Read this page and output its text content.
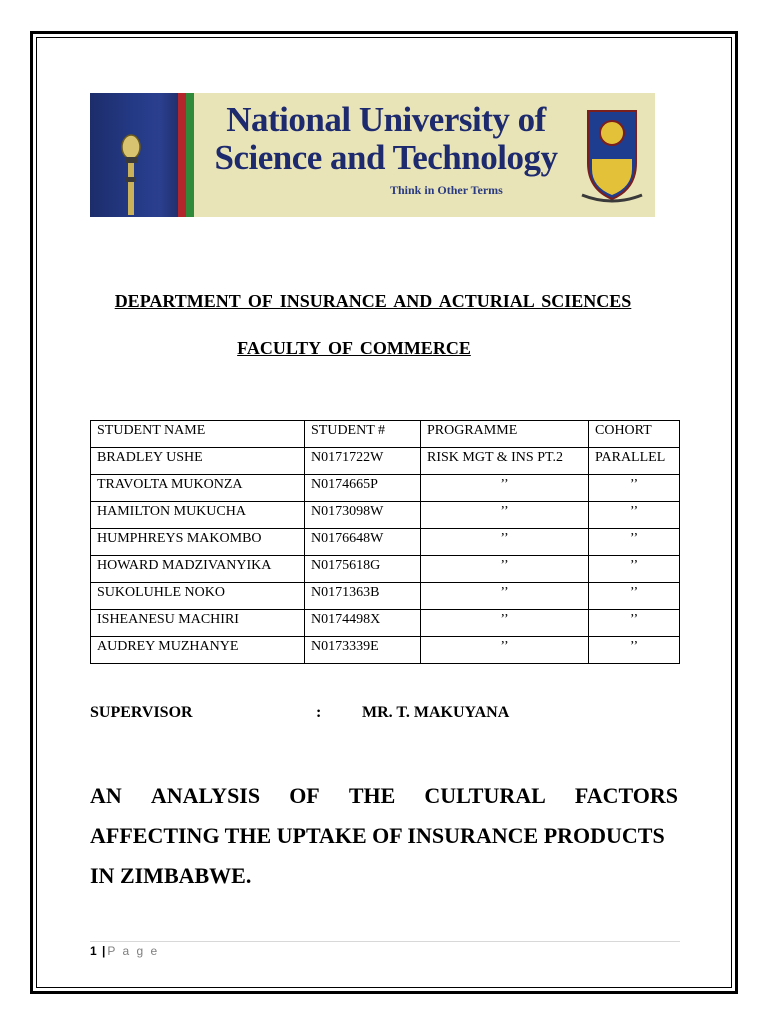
National University of
Science and Technology
Think in Other Terms
DEPARTMENT OF INSURANCE AND ACTURIAL SCIENCES
FACULTY OF COMMERCE
STUDENT NAME	STUDENT #	PROGRAMME	COHORT
BRADLEY USHE	N0171722W	RISK MGT & INS PT.2	PARALLEL
TRAVOLTA MUKONZA	N0174665P	’’	’’
HAMILTON MUKUCHA	N0173098W	’’	’’
HUMPHREYS MAKOMBO	N0176648W	’’	’’
HOWARD MADZIVANYIKA	N0175618G	’’	’’
SUKOLUHLE NOKO	N0171363B	’’	’’
ISHEANESU MACHIRI	N0174498X	’’	’’
AUDREY MUZHANYE	N0173339E	’’	’’
SUPERVISOR	:	MR. T. MAKUYANA
AN ANALYSIS OF THE CULTURAL FACTORS
AFFECTING THE UPTAKE OF INSURANCE PRODUCTS
IN ZIMBABWE.
1 | P a g e
